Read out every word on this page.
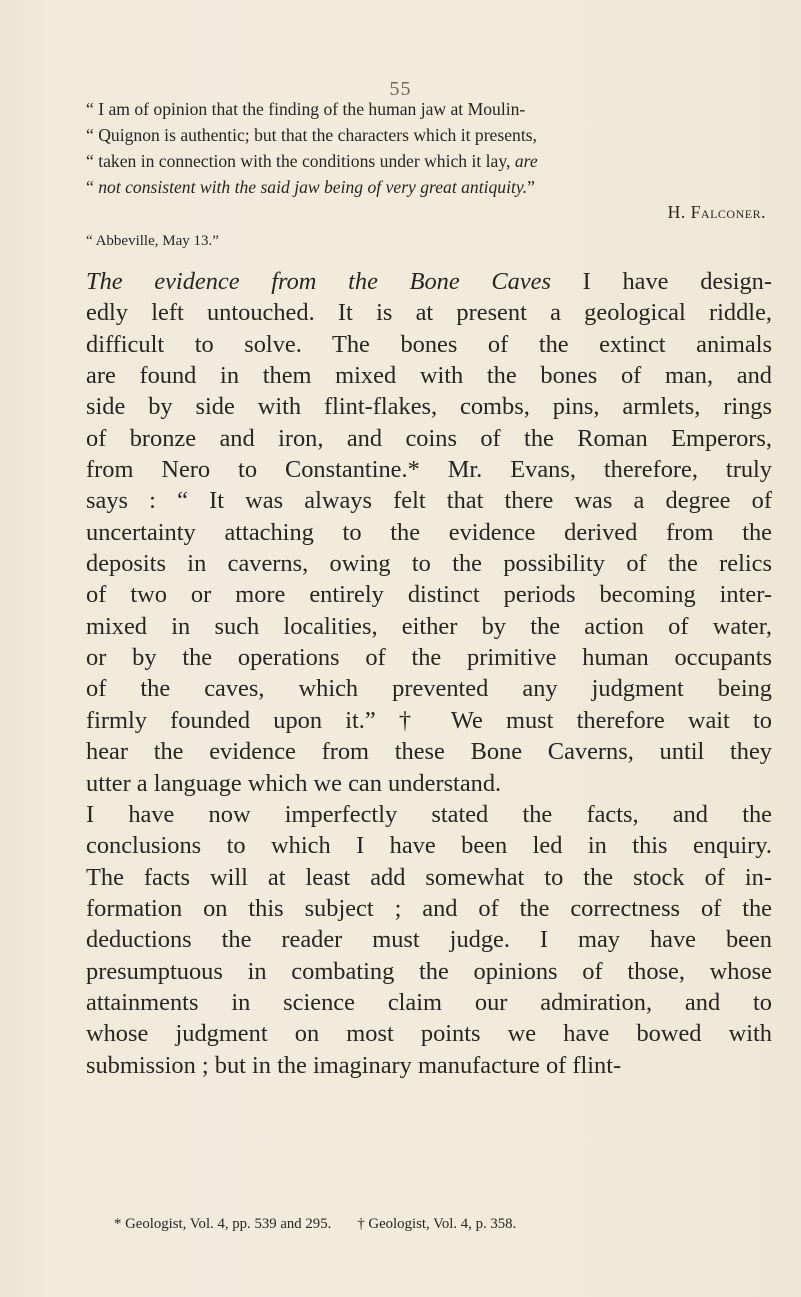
55
“ I am of opinion that the finding of the human jaw at Moulin-
“ Quignon is authentic; but that the characters which it presents,
“ taken in connection with the conditions under which it lay, are
“ not consistent with the said jaw being of very great antiquity.”
H. Falconer.
“ Abbeville, May 13.”
The evidence from the Bone Caves I have design-
edly left untouched. It is at present a geological riddle,
difficult to solve. The bones of the extinct animals
are found in them mixed with the bones of man, and
side by side with flint-flakes, combs, pins, armlets, rings
of bronze and iron, and coins of the Roman Emperors,
from Nero to Constantine.* Mr. Evans, therefore, truly
says : “ It was always felt that there was a degree of
uncertainty attaching to the evidence derived from the
deposits in caverns, owing to the possibility of the relics
of two or more entirely distinct periods becoming inter-
mixed in such localities, either by the action of water,
or by the operations of the primitive human occupants
of the caves, which prevented any judgment being
firmly founded upon it.” † We must therefore wait to
hear the evidence from these Bone Caverns, until they
utter a language which we can understand.
I have now imperfectly stated the facts, and the
conclusions to which I have been led in this enquiry.
The facts will at least add somewhat to the stock of in-
formation on this subject ; and of the correctness of the
deductions the reader must judge. I may have been
presumptuous in combating the opinions of those, whose
attainments in science claim our admiration, and to
whose judgment on most points we have bowed with
submission ; but in the imaginary manufacture of flint-
* Geologist, Vol. 4, pp. 539 and 295. † Geologist, Vol. 4, p. 358.
